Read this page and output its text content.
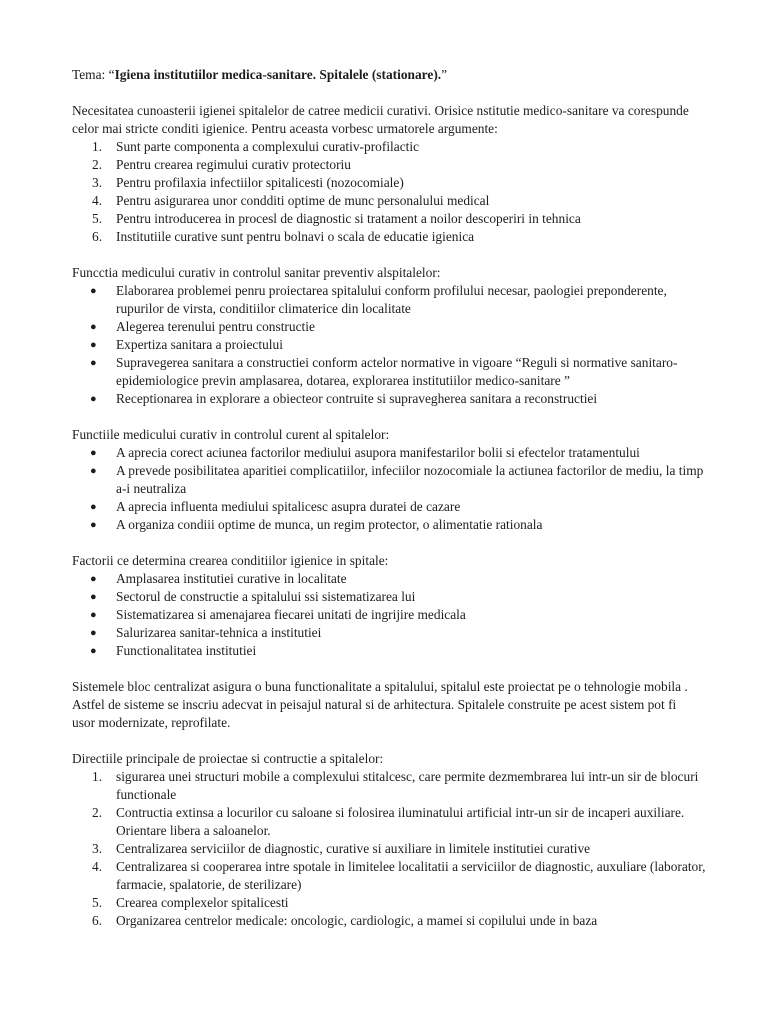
Tema: “Igiena institutiilor medica-sanitare. Spitalele (stationare).”

Necesitatea cunoasterii igienei spitalelor de catree medicii curativi. Orisice nstitutie medico-sanitare va corespunde celor mai stricte conditi igienice. Pentru aceasta vorbesc urmatorele argumente:

1. Sunt parte componenta a complexului curativ-profilactic
2. Pentru crearea regimului curativ protectoriu
3. Pentru profilaxia infectiilor spitalicesti (nozocomiale)
4. Pentru asigurarea unor condditi optime de munc personalului medical
5. Pentru introducerea in procesl de diagnostic si tratament a noilor descoperiri in tehnica
6. Institutiile curative sunt pentru bolnavi o scala de educatie igienica

Funcctia medicului curativ in controlul sanitar preventiv alspitalelor:

● Elaborarea problemei penru proiectarea spitalului conform profilului necesar, paologiei preponderente, rupurilor de virsta, conditiilor climaterice din localitate
● Alegerea terenului pentru constructie
● Expertiza sanitara a proiectului
● Supravegerea sanitara a constructiei conform actelor normative in vigoare “Reguli si normative sanitaro-epidemiologice previn amplasarea, dotarea, explorarea institutiilor medico-sanitare ”
● Receptionarea in explorare a obiecteor contruite si supravegherea sanitara a reconstructiei

Functiile medicului curativ in controlul curent al spitalelor:

● A aprecia corect aciunea factorilor mediului asupora manifestarilor bolii si efectelor tratamentului
● A prevede posibilitatea aparitiei complicatiilor, infeciilor nozocomiale la actiunea factorilor de mediu, la timp a-i neutraliza
● A aprecia influenta mediului spitalicesc asupra duratei de cazare
● A organiza condiii optime de munca, un regim protector, o alimentatie rationala

Factorii ce determina crearea conditiilor igienice in spitale:

● Amplasarea institutiei curative in localitate
● Sectorul de constructie a spitalului ssi sistematizarea lui
● Sistematizarea si amenajarea fiecarei unitati de ingrijire medicala
● Salurizarea sanitar-tehnica a institutiei
● Functionalitatea institutiei

Sistemele bloc centralizat asigura o buna functionalitate a spitalului, spitalul este proiectat pe o tehnologie mobila . Astfel de sisteme se inscriu adecvat in peisajul natural si de arhitectura. Spitalele construite pe acest sistem pot fi usor modernizate, reprofilate.

Directiile principale de proiectae si contructie a spitalelor:

1. sigurarea unei structuri mobile a complexului stitalcesc, care permite dezmembrarea lui intr-un sir de blocuri functionale
2. Contructia extinsa a locurilor cu saloane si folosirea iluminatului artificial intr-un sir de incaperi auxiliare. Orientare libera a saloanelor.
3. Centralizarea serviciilor de diagnostic, curative si auxiliare in limitele institutiei curative
4. Centralizarea si cooperarea intre spotale in limitelee localitatii a serviciilor de diagnostic, auxuliare (laborator, farmacie, spalatorie, de sterilizare)
5. Crearea complexelor spitalicesti
6. Organizarea centrelor medicale: oncologic, cardiologic, a mamei si copilului unde in baza
